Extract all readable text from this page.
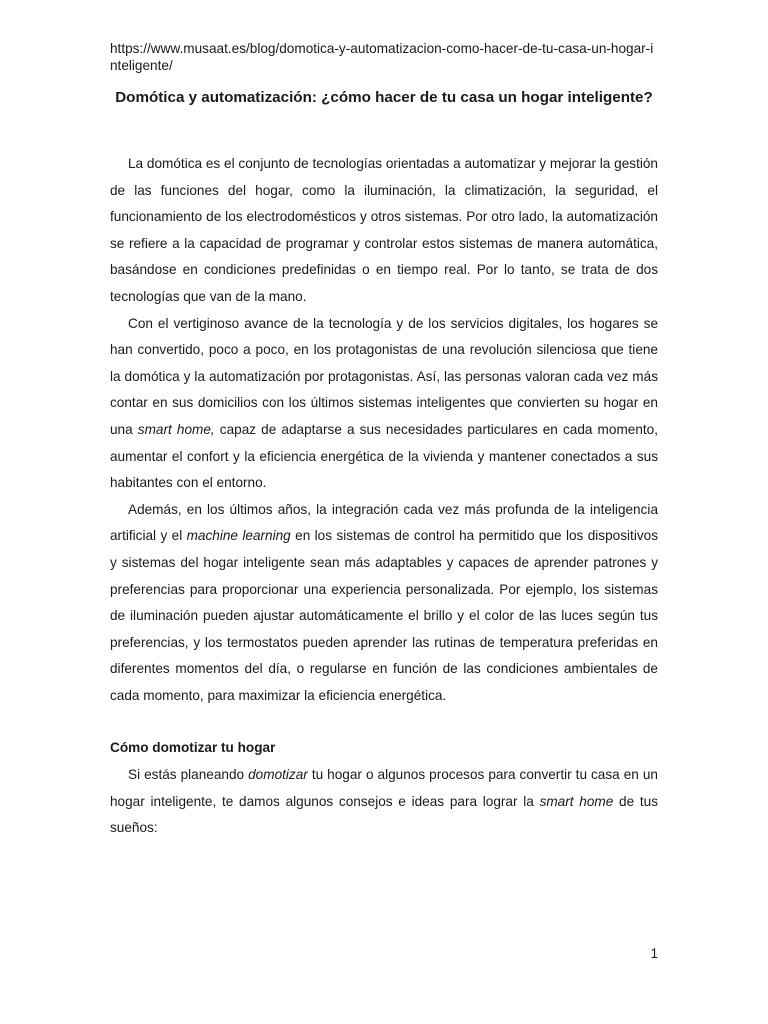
https://www.musaat.es/blog/domotica-y-automatizacion-como-hacer-de-tu-casa-un-hogar-inteligente/

Domótica y automatización: ¿cómo hacer de tu casa un hogar inteligente?

La domótica es el conjunto de tecnologías orientadas a automatizar y mejorar la gestión de las funciones del hogar, como la iluminación, la climatización, la seguridad, el funcionamiento de los electrodomésticos y otros sistemas. Por otro lado, la automatización se refiere a la capacidad de programar y controlar estos sistemas de manera automática, basándose en condiciones predefinidas o en tiempo real. Por lo tanto, se trata de dos tecnologías que van de la mano.

Con el vertiginoso avance de la tecnología y de los servicios digitales, los hogares se han convertido, poco a poco, en los protagonistas de una revolución silenciosa que tiene la domótica y la automatización por protagonistas. Así, las personas valoran cada vez más contar en sus domicilios con los últimos sistemas inteligentes que convierten su hogar en una smart home, capaz de adaptarse a sus necesidades particulares en cada momento, aumentar el confort y la eficiencia energética de la vivienda y mantener conectados a sus habitantes con el entorno.

Además, en los últimos años, la integración cada vez más profunda de la inteligencia artificial y el machine learning en los sistemas de control ha permitido que los dispositivos y sistemas del hogar inteligente sean más adaptables y capaces de aprender patrones y preferencias para proporcionar una experiencia personalizada. Por ejemplo, los sistemas de iluminación pueden ajustar automáticamente el brillo y el color de las luces según tus preferencias, y los termostatos pueden aprender las rutinas de temperatura preferidas en diferentes momentos del día, o regularse en función de las condiciones ambientales de cada momento, para maximizar la eficiencia energética.

Cómo domotizar tu hogar

Si estás planeando domotizar tu hogar o algunos procesos para convertir tu casa en un hogar inteligente, te damos algunos consejos e ideas para lograr la smart home de tus sueños:

1
